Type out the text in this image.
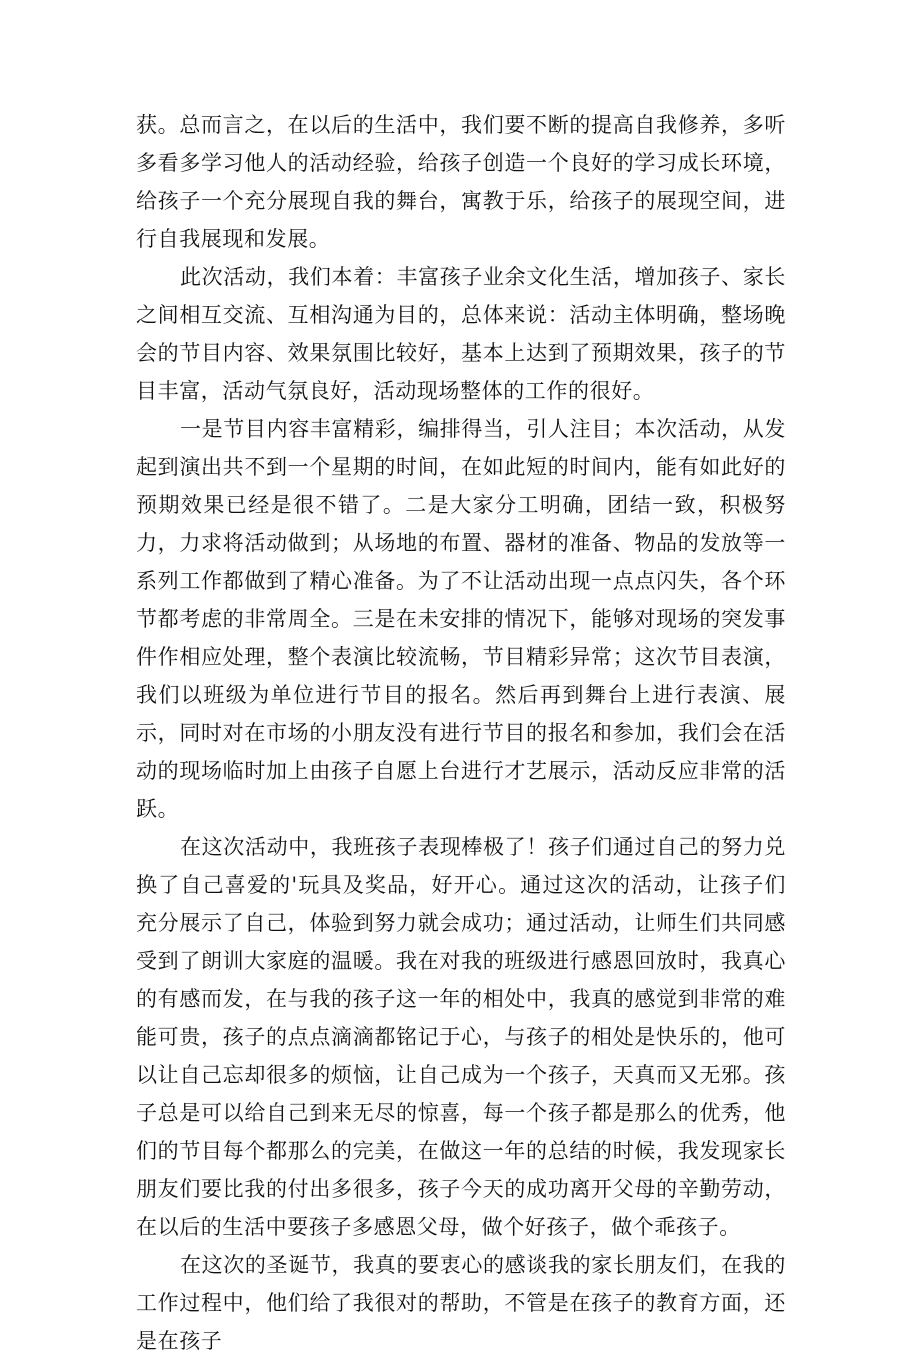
获。总而言之，在以后的生活中，我们要不断的提高自我修养，多听多看多学习他人的活动经验，给孩子创造一个良好的学习成长环境，给孩子一个充分展现自我的舞台，寓教于乐，给孩子的展现空间，进行自我展现和发展。

此次活动，我们本着：丰富孩子业余文化生活，增加孩子、家长之间相互交流、互相沟通为目的，总体来说：活动主体明确，整场晚会的节目内容、效果氛围比较好，基本上达到了预期效果，孩子的节目丰富，活动气氛良好，活动现场整体的工作的很好。

一是节目内容丰富精彩，编排得当，引人注目；本次活动，从发起到演出共不到一个星期的时间，在如此短的时间内，能有如此好的预期效果已经是很不错了。二是大家分工明确，团结一致，积极努力，力求将活动做到；从场地的布置、器材的准备、物品的发放等一系列工作都做到了精心准备。为了不让活动出现一点点闪失，各个环节都考虑的非常周全。三是在未安排的情况下，能够对现场的突发事件作相应处理，整个表演比较流畅，节目精彩异常；这次节目表演，我们以班级为单位进行节目的报名。然后再到舞台上进行表演、展示，同时对在市场的小朋友没有进行节目的报名和参加，我们会在活动的现场临时加上由孩子自愿上台进行才艺展示，活动反应非常的活跃。

在这次活动中，我班孩子表现棒极了！孩子们通过自己的努力兑换了自己喜爱的'玩具及奖品，好开心。通过这次的活动，让孩子们充分展示了自己，体验到努力就会成功；通过活动，让师生们共同感受到了朗训大家庭的温暖。我在对我的班级进行感恩回放时，我真心的有感而发，在与我的孩子这一年的相处中，我真的感觉到非常的难能可贵，孩子的点点滴滴都铭记于心，与孩子的相处是快乐的，他可以让自己忘却很多的烦恼，让自己成为一个孩子，天真而又无邪。孩子总是可以给自己到来无尽的惊喜，每一个孩子都是那么的优秀，他们的节目每个都那么的完美，在做这一年的总结的时候，我发现家长朋友们要比我的付出多很多，孩子今天的成功离开父母的辛勤劳动，在以后的生活中要孩子多感恩父母，做个好孩子，做个乖孩子。

在这次的圣诞节，我真的要衷心的感谈我的家长朋友们，在我的工作过程中，他们给了我很对的帮助，不管是在孩子的教育方面，还是在孩子
